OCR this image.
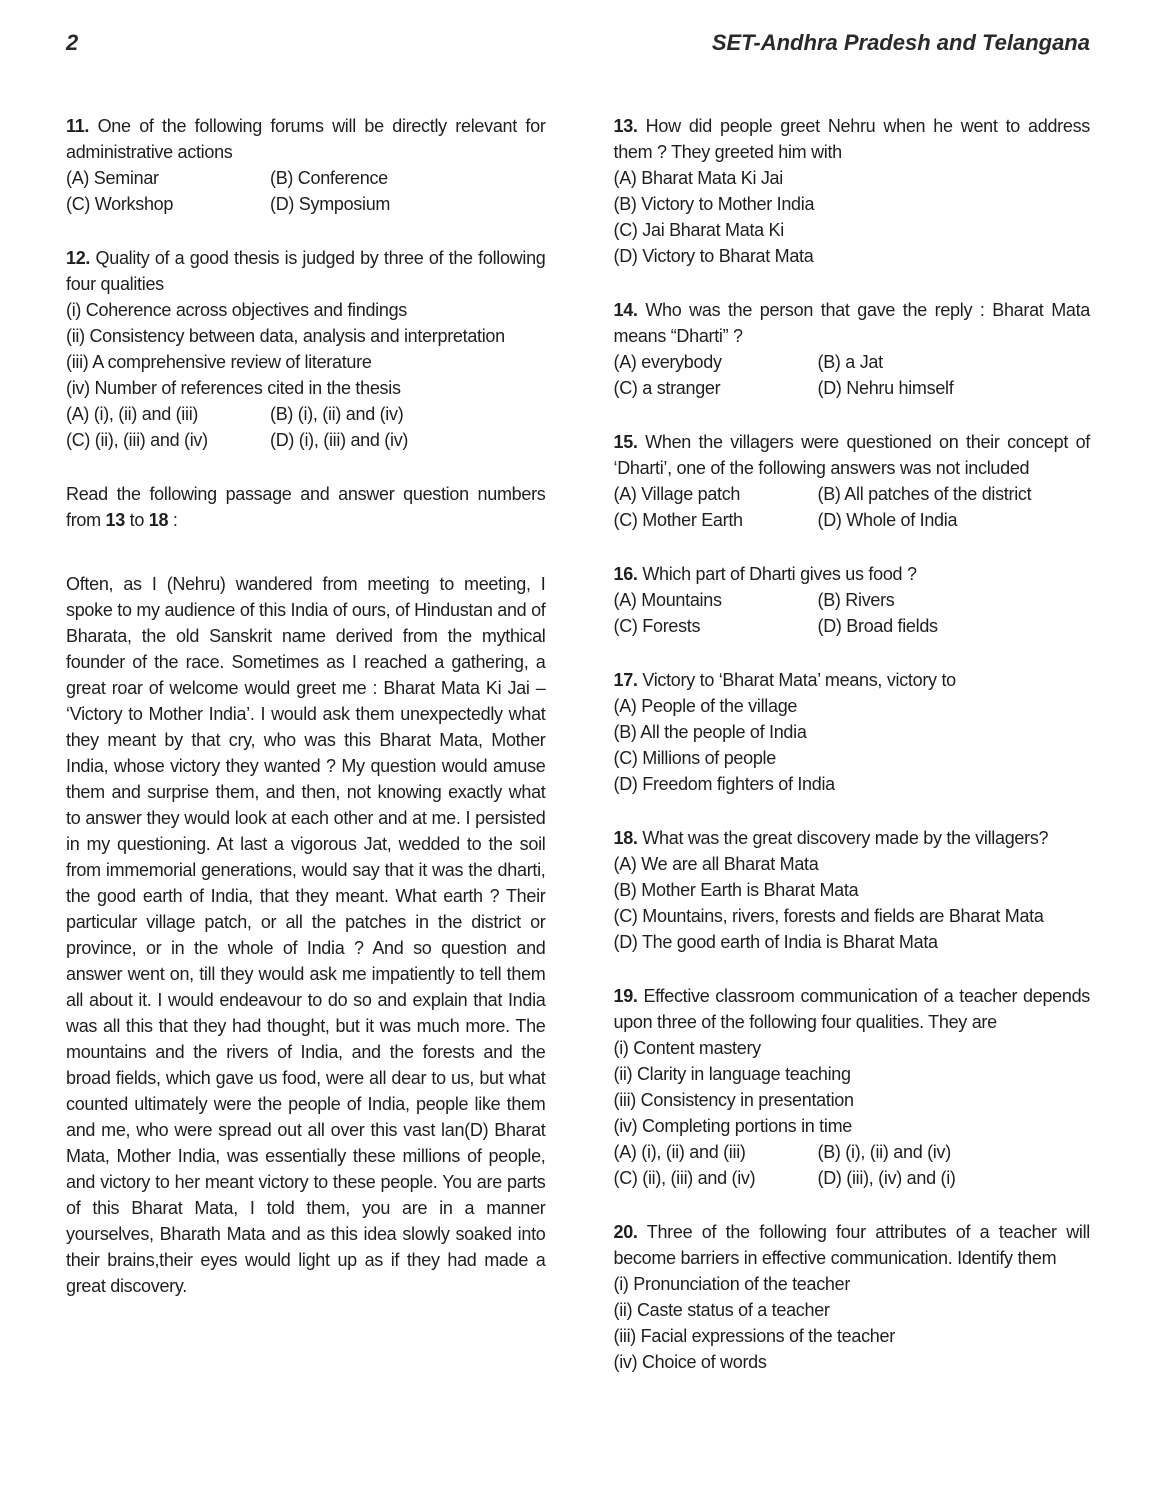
2	SET-Andhra Pradesh and Telangana

11. One of the following forums will be directly relevant for administrative actions

(A) Seminar	(B) Conference
(C) Workshop	(D) Symposium

12. Quality of a good thesis is judged by three of the following four qualities

(i) Coherence across objectives and findings
(ii) Consistency between data, analysis and interpretation
(iii) A comprehensive review of literature
(iv) Number of references cited in the thesis
(A) (i), (ii) and (iii)	(B) (i), (ii) and (iv)
(C) (ii), (iii) and (iv)	(D) (i), (iii) and (iv)

Read the following passage and answer question numbers from 13 to 18 :

Often, as I (Nehru) wandered from meeting to meeting, I spoke to my audience of this India of ours, of Hindustan and of Bharata, the old Sanskrit name derived from the mythical founder of the race. Sometimes as I reached a gathering, a great roar of welcome would greet me : Bharat Mata Ki Jai – ‘Victory to Mother India’. I would ask them unexpectedly what they meant by that cry, who was this Bharat Mata, Mother India, whose victory they wanted ? My question would amuse them and surprise them, and then, not knowing exactly what to answer they would look at each other and at me. I persisted in my questioning. At last a vigorous Jat, wedded to the soil from immemorial generations, would say that it was the dharti, the good earth of India, that they meant. What earth ? Their particular village patch, or all the patches in the district or province, or in the whole of India ? And so question and answer went on, till they would ask me impatiently to tell them all about it. I would endeavour to do so and explain that India was all this that they had thought, but it was much more. The mountains and the rivers of India, and the forests and the broad fields, which gave us food, were all dear to us, but what counted ultimately were the people of India, people like them and me, who were spread out all over this vast lan(D) Bharat Mata, Mother India, was essentially these millions of people, and victory to her meant victory to these people. You are parts of this Bharat Mata, I told them, you are in a manner yourselves, Bharath Mata and as this idea slowly soaked into their brains,their eyes would light up as if they had made a great discovery.

13. How did people greet Nehru when he went to address them ? They greeted him with

(A) Bharat Mata Ki Jai
(B) Victory to Mother India
(C) Jai Bharat Mata Ki
(D) Victory to Bharat Mata

14. Who was the person that gave the reply : Bharat Mata means “Dharti” ?

(A) everybody	(B) a Jat
(C) a stranger	(D) Nehru himself

15. When the villagers were questioned on their concept of ‘Dharti’, one of the following answers was not included

(A) Village patch	(B) All patches of the district
(C) Mother Earth	(D) Whole of India

16. Which part of Dharti gives us food ?

(A) Mountains	(B) Rivers
(C) Forests	(D) Broad fields

17. Victory to ‘Bharat Mata’ means, victory to

(A) People of the village
(B) All the people of India
(C) Millions of people
(D) Freedom fighters of India

18. What was the great discovery made by the villagers?

(A) We are all Bharat Mata
(B) Mother Earth is Bharat Mata
(C) Mountains, rivers, forests and fields are Bharat Mata
(D) The good earth of India is Bharat Mata

19. Effective classroom communication of a teacher depends upon three of the following four qualities. They are

(i) Content mastery
(ii) Clarity in language teaching
(iii) Consistency in presentation
(iv) Completing portions in time
(A) (i), (ii) and (iii)	(B) (i), (ii) and (iv)
(C) (ii), (iii) and (iv)	(D) (iii), (iv) and (i)

20. Three of the following four attributes of a teacher will become barriers in effective communication. Identify them

(i) Pronunciation of the teacher
(ii) Caste status of a teacher
(iii) Facial expressions of the teacher
(iv) Choice of words
